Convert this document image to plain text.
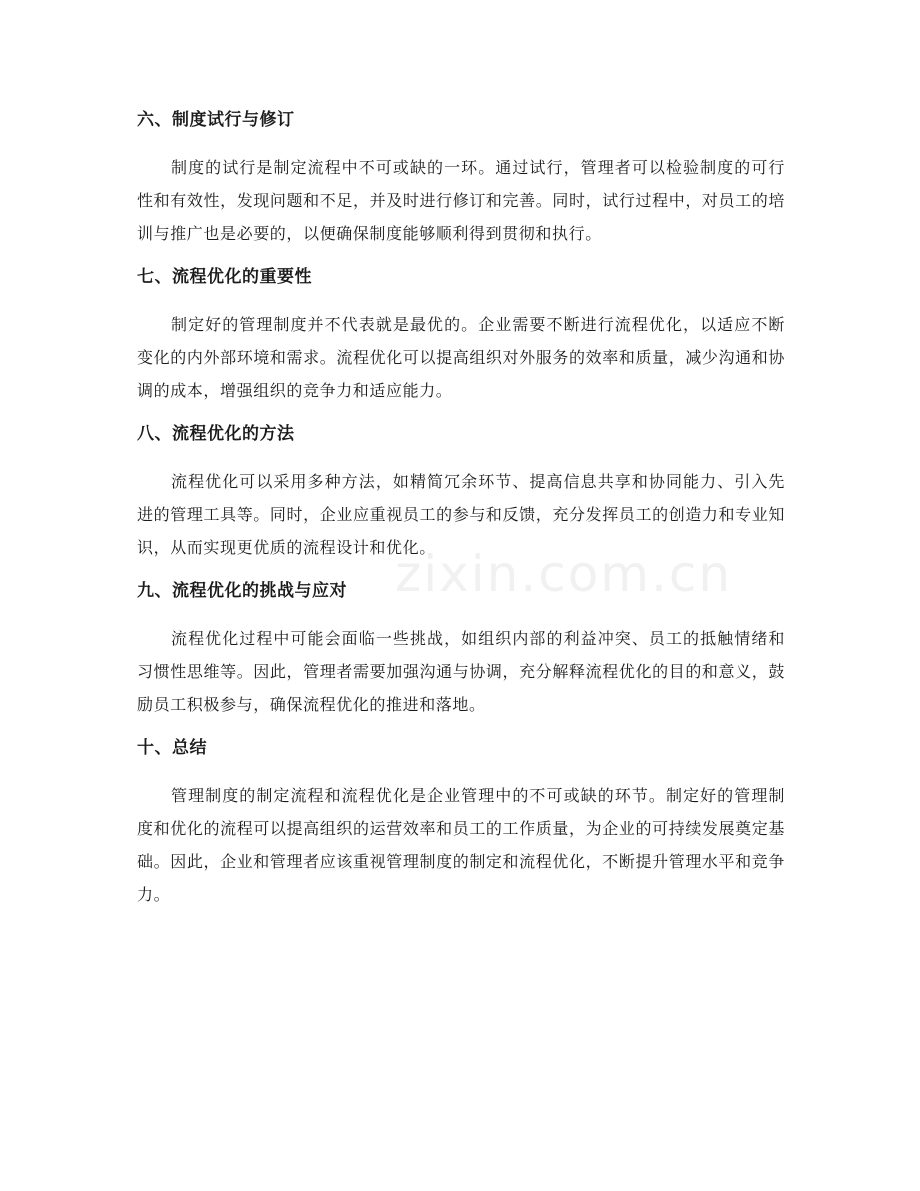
六、制度试行与修订

制度的试行是制定流程中不可或缺的一环。通过试行，管理者可以检验制度的可行性和有效性，发现问题和不足，并及时进行修订和完善。同时，试行过程中，对员工的培训与推广也是必要的，以便确保制度能够顺利得到贯彻和执行。

七、流程优化的重要性

制定好的管理制度并不代表就是最优的。企业需要不断进行流程优化，以适应不断变化的内外部环境和需求。流程优化可以提高组织对外服务的效率和质量，减少沟通和协调的成本，增强组织的竞争力和适应能力。

八、流程优化的方法

流程优化可以采用多种方法，如精简冗余环节、提高信息共享和协同能力、引入先进的管理工具等。同时，企业应重视员工的参与和反馈，充分发挥员工的创造力和专业知识，从而实现更优质的流程设计和优化。

九、流程优化的挑战与应对

流程优化过程中可能会面临一些挑战，如组织内部的利益冲突、员工的抵触情绪和习惯性思维等。因此，管理者需要加强沟通与协调，充分解释流程优化的目的和意义，鼓励员工积极参与，确保流程优化的推进和落地。

十、总结

管理制度的制定流程和流程优化是企业管理中的不可或缺的环节。制定好的管理制度和优化的流程可以提高组织的运营效率和员工的工作质量，为企业的可持续发展奠定基础。因此，企业和管理者应该重视管理制度的制定和流程优化，不断提升管理水平和竞争力。

zixin.com.cn
